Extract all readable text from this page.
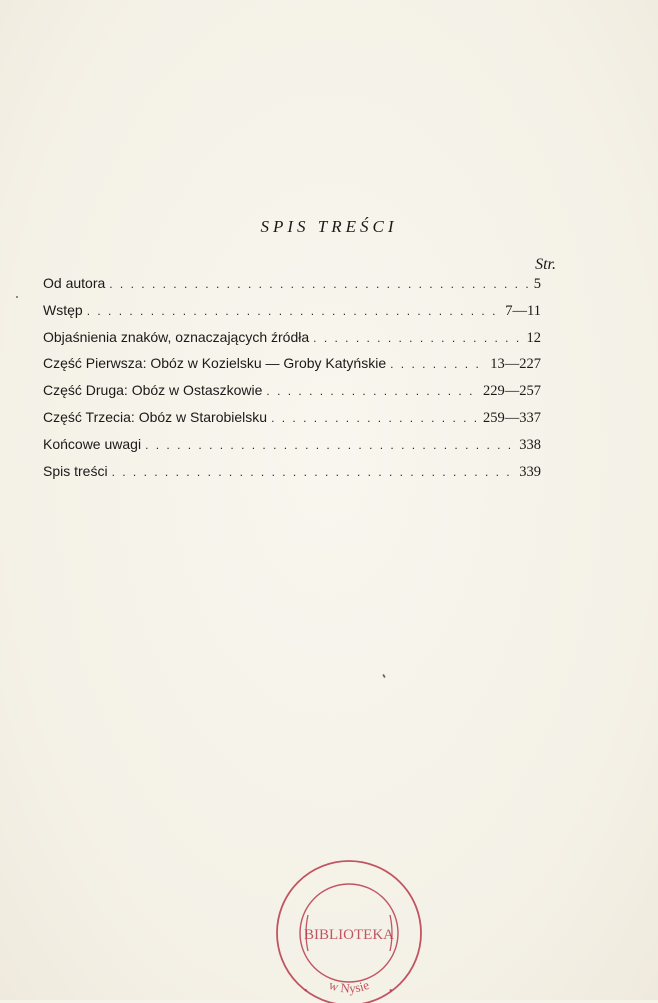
SPIS TREŚCI
Str.
Od autora . . .	5
Wstęp . . .	7—11
Objaśnienia znaków, oznaczających źródła . . .	12
Część Pierwsza: Obóz w Kozielsku — Groby Katyńskie . . .	13—227
Część Druga: Obóz w Ostaszkowie . . .	229—257
Część Trzecia: Obóz w Starobielsku . . .	259—337
Końcowe uwagi . . .	338
Spis treści . . .	339
w Nysie
BIBLIOTEKA
•	•
